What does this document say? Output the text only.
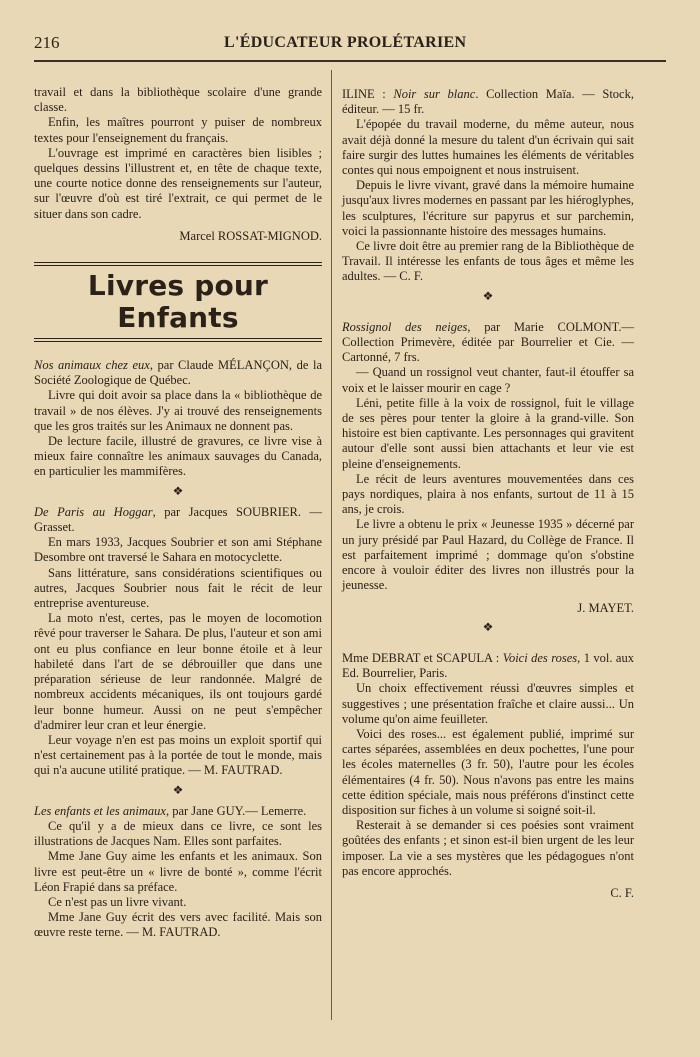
216	L'ÉDUCATEUR PROLÉTARIEN

travail et dans la bibliothèque scolaire d'une grande classe.

Enfin, les maîtres pourront y puiser de nombreux textes pour l'enseignement du français.

L'ouvrage est imprimé en caractères bien lisibles ; quelques dessins l'illustrent et, en tête de chaque texte, une courte notice donne des renseignements sur l'auteur, sur l'œuvre d'où est tiré l'extrait, ce qui permet de le situer dans son cadre.

Marcel ROSSAT-MIGNOD.

Livres pour Enfants

Nos animaux chez eux, par Claude MÉLANÇON, de la Société Zoologique de Québec.

Livre qui doit avoir sa place dans la « bibliothèque de travail » de nos élèves. J'y ai trouvé des renseignements que les gros traités sur les Animaux ne donnent pas.

De lecture facile, illustré de gravures, ce livre vise à mieux faire connaître les animaux sauvages du Canada, en particulier les mammifères.

❖

De Paris au Hoggar, par Jacques SOUBRIER. — Grasset.

En mars 1933, Jacques Soubrier et son ami Stéphane Desombre ont traversé le Sahara en motocyclette.

Sans littérature, sans considérations scientifiques ou autres, Jacques Soubrier nous fait le récit de leur entreprise aventureuse.

La moto n'est, certes, pas le moyen de locomotion rêvé pour traverser le Sahara. De plus, l'auteur et son ami ont eu plus confiance en leur bonne étoile et à leur habileté dans l'art de se débrouiller que dans une préparation sérieuse de leur randonnée. Malgré de nombreux accidents mécaniques, ils ont toujours gardé leur bonne humeur. Aussi on ne peut s'empêcher d'admirer leur cran et leur énergie.

Leur voyage n'en est pas moins un exploit sportif qui n'est certainement pas à la portée de tout le monde, mais qui n'a aucune utilité pratique. — M. FAUTRAD.

❖

Les enfants et les animaux, par Jane GUY.— Lemerre.

Ce qu'il y a de mieux dans ce livre, ce sont les illustrations de Jacques Nam. Elles sont parfaites.

Mme Jane Guy aime les enfants et les animaux. Son livre est peut-être un « livre de bonté », comme l'écrit Léon Frapié dans sa préface.

Ce n'est pas un livre vivant.

Mme Jane Guy écrit des vers avec facilité. Mais son œuvre reste terne. — M. FAUTRAD.

ILINE : Noir sur blanc. Collection Maïa. — Stock, éditeur. — 15 fr.

L'épopée du travail moderne, du même auteur, nous avait déjà donné la mesure du talent d'un écrivain qui sait faire surgir des luttes humaines les éléments de véritables contes qui nous empoignent et nous instruisent.

Depuis le livre vivant, gravé dans la mémoire humaine jusqu'aux livres modernes en passant par les hiéroglyphes, les sculptures, l'écriture sur papyrus et sur parchemin, voici la passionnante histoire des messages humains.

Ce livre doit être au premier rang de la Bibliothèque de Travail. Il intéresse les enfants de tous âges et même les adultes. — C. F.

❖

Rossignol des neiges, par Marie COLMONT.— Collection Primevère, éditée par Bourrelier et Cie. — Cartonné, 7 frs.

— Quand un rossignol veut chanter, faut-il étouffer sa voix et le laisser mourir en cage ?

Léni, petite fille à la voix de rossignol, fuit le village de ses pères pour tenter la gloire à la grand-ville. Son histoire est bien captivante. Les personnages qui gravitent autour d'elle sont aussi bien attachants et leur vie est pleine d'enseignements.

Le récit de leurs aventures mouvementées dans ces pays nordiques, plaira à nos enfants, surtout de 11 à 15 ans, je crois.

Le livre a obtenu le prix « Jeunesse 1935 » décerné par un jury présidé par Paul Hazard, du Collège de France. Il est parfaitement imprimé ; dommage qu'on s'obstine encore à vouloir éditer des livres non illustrés pour la jeunesse.

J. MAYET.

❖

Mme DEBRAT et SCAPULA : Voici des roses, 1 vol. aux Ed. Bourrelier, Paris.

Un choix effectivement réussi d'œuvres simples et suggestives ; une présentation fraîche et claire aussi... Un volume qu'on aime feuilleter.

Voici des roses... est également publié, imprimé sur cartes séparées, assemblées en deux pochettes, l'une pour les écoles maternelles (3 fr. 50), l'autre pour les écoles élémentaires (4 fr. 50). Nous n'avons pas entre les mains cette édition spéciale, mais nous préférons d'instinct cette disposition sur fiches à un volume si soigné soit-il.

Resterait à se demander si ces poésies sont vraiment goûtées des enfants ; et sinon est-il bien urgent de les leur imposer. La vie a ses mystères que les pédagogues n'ont pas encore approchés.

C. F.
